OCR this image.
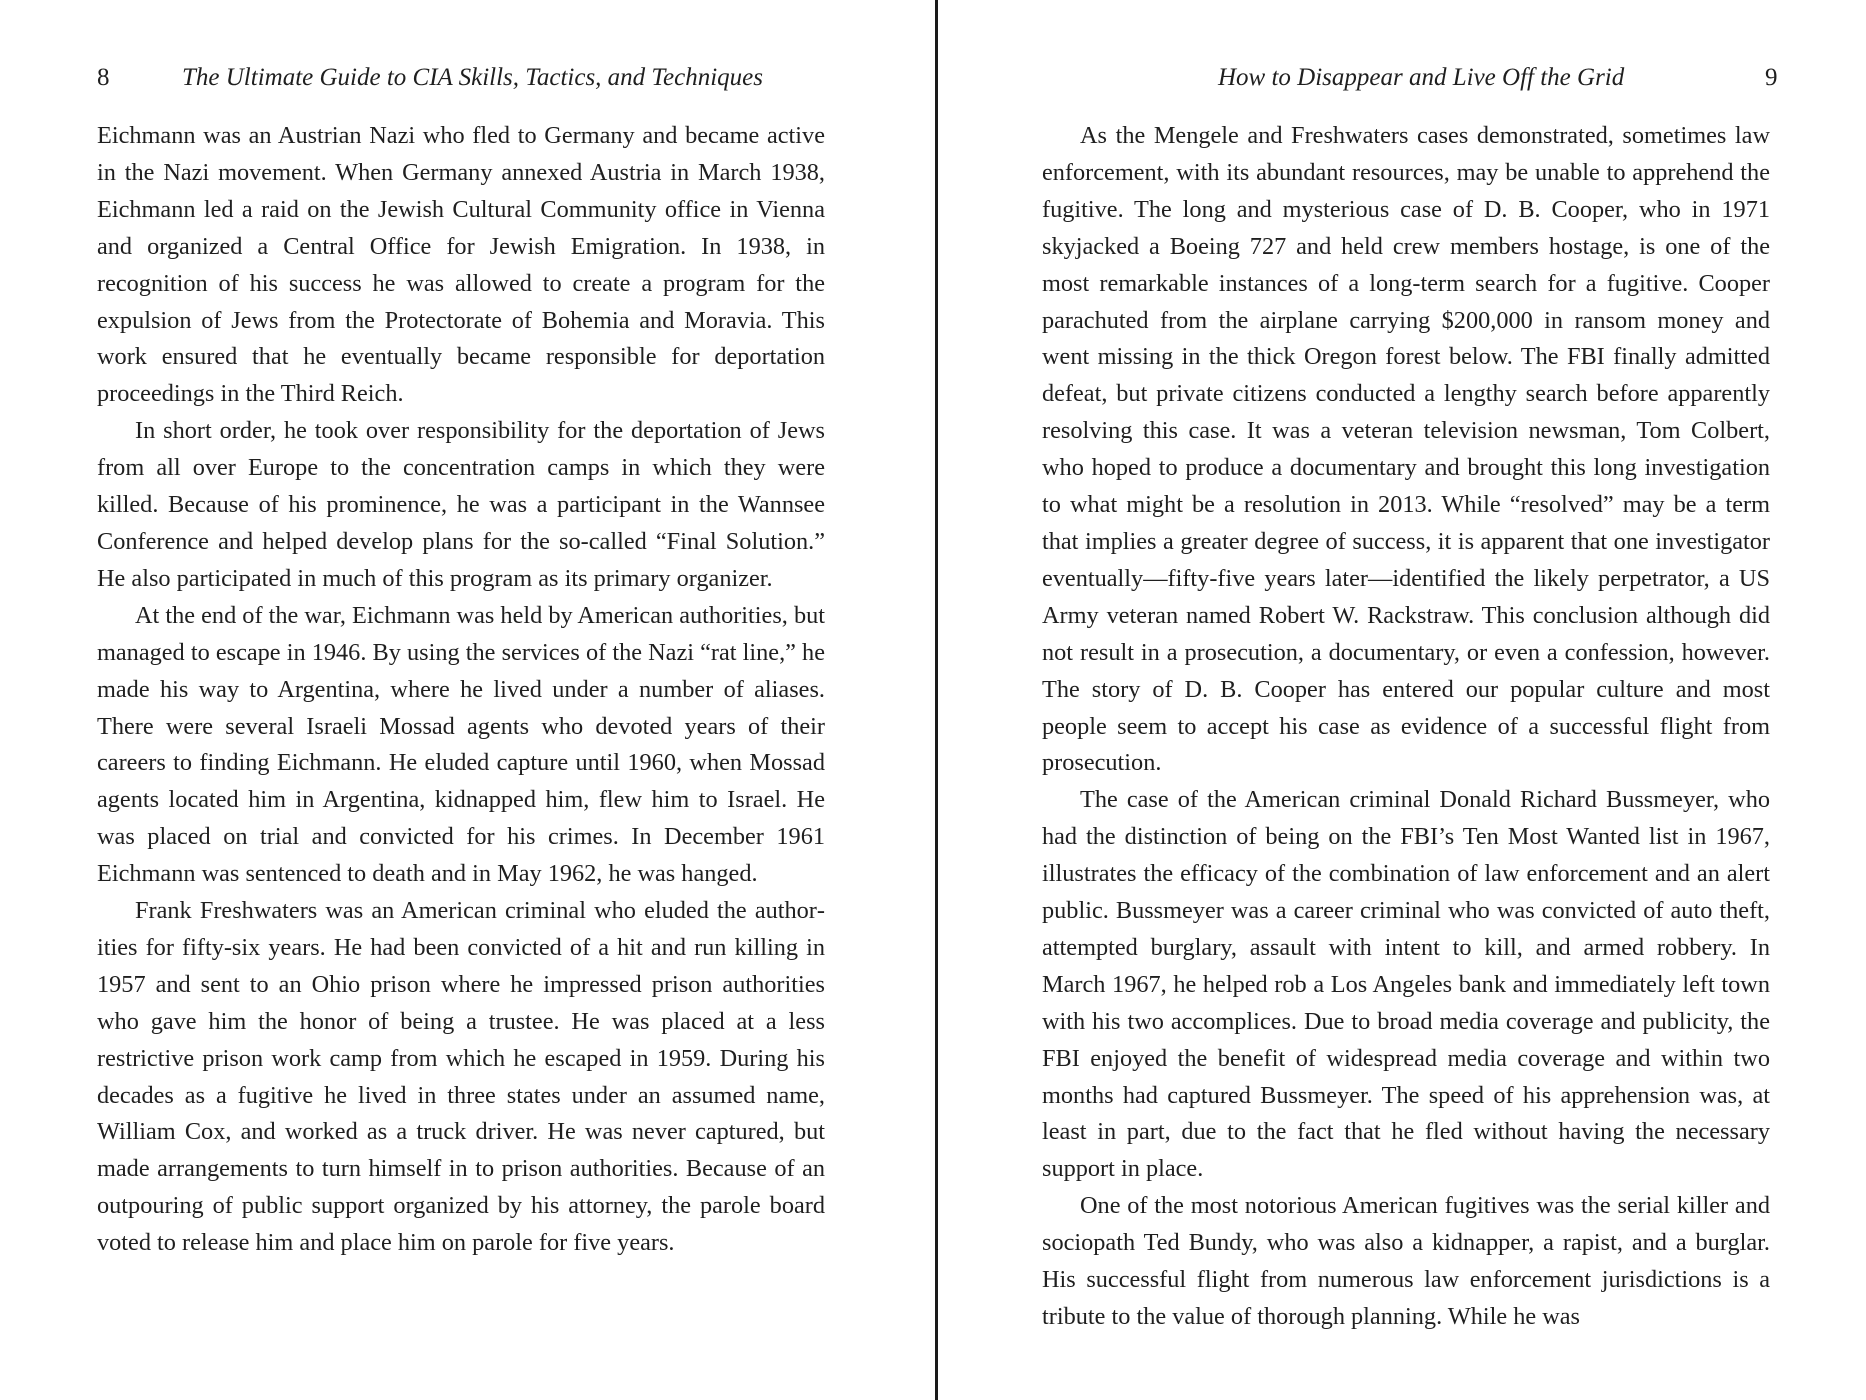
8	The Ultimate Guide to CIA Skills, Tactics, and Techniques

Eichmann was an Austrian Nazi who fled to Germany and became active in the Nazi movement. When Germany annexed Austria in March 1938, Eichmann led a raid on the Jewish Cultural Community office in Vienna and organized a Central Office for Jewish Emigration. In 1938, in recognition of his success he was allowed to create a program for the expulsion of Jews from the Protectorate of Bohemia and Moravia. This work ensured that he eventually became responsible for deportation proceedings in the Third Reich.

In short order, he took over responsibility for the deportation of Jews from all over Europe to the concentration camps in which they were killed. Because of his prominence, he was a participant in the Wannsee Conference and helped develop plans for the so-called “Final Solution.” He also participated in much of this program as its primary organizer.

At the end of the war, Eichmann was held by American authorities, but managed to escape in 1946. By using the services of the Nazi “rat line,” he made his way to Argentina, where he lived under a number of aliases. There were several Israeli Mossad agents who devoted years of their careers to finding Eichmann. He eluded capture until 1960, when Mossad agents located him in Argentina, kidnapped him, flew him to Israel. He was placed on trial and convicted for his crimes. In December 1961 Eichmann was sentenced to death and in May 1962, he was hanged.

Frank Freshwaters was an American criminal who eluded the authorities for fifty-six years. He had been convicted of a hit and run killing in 1957 and sent to an Ohio prison where he impressed prison authorities who gave him the honor of being a trustee. He was placed at a less restrictive prison work camp from which he escaped in 1959. During his decades as a fugitive he lived in three states under an assumed name, William Cox, and worked as a truck driver. He was never captured, but made arrangements to turn himself in to prison authorities. Because of an outpouring of public support organized by his attorney, the parole board voted to release him and place him on parole for five years.

How to Disappear and Live Off the Grid	9

As the Mengele and Freshwaters cases demonstrated, sometimes law enforcement, with its abundant resources, may be unable to apprehend the fugitive. The long and mysterious case of D. B. Cooper, who in 1971 skyjacked a Boeing 727 and held crew members hostage, is one of the most remarkable instances of a long-term search for a fugitive. Cooper parachuted from the airplane carrying $200,000 in ransom money and went missing in the thick Oregon forest below. The FBI finally admitted defeat, but private citizens conducted a lengthy search before apparently resolving this case. It was a veteran television newsman, Tom Colbert, who hoped to produce a documentary and brought this long investigation to what might be a resolution in 2013. While “resolved” may be a term that implies a greater degree of success, it is apparent that one investigator eventually—fifty-five years later—identified the likely perpetrator, a US Army veteran named Robert W. Rackstraw. This conclusion although did not result in a prosecution, a documentary, or even a confession, however. The story of D. B. Cooper has entered our popular culture and most people seem to accept his case as evidence of a successful flight from prosecution.

The case of the American criminal Donald Richard Bussmeyer, who had the distinction of being on the FBI’s Ten Most Wanted list in 1967, illustrates the efficacy of the combination of law enforcement and an alert public. Bussmeyer was a career criminal who was convicted of auto theft, attempted burglary, assault with intent to kill, and armed robbery. In March 1967, he helped rob a Los Angeles bank and immediately left town with his two accomplices. Due to broad media coverage and publicity, the FBI enjoyed the benefit of widespread media coverage and within two months had captured Bussmeyer. The speed of his apprehension was, at least in part, due to the fact that he fled without having the necessary support in place.

One of the most notorious American fugitives was the serial killer and sociopath Ted Bundy, who was also a kidnapper, a rapist, and a burglar. His successful flight from numerous law enforcement jurisdictions is a tribute to the value of thorough planning. While he was
